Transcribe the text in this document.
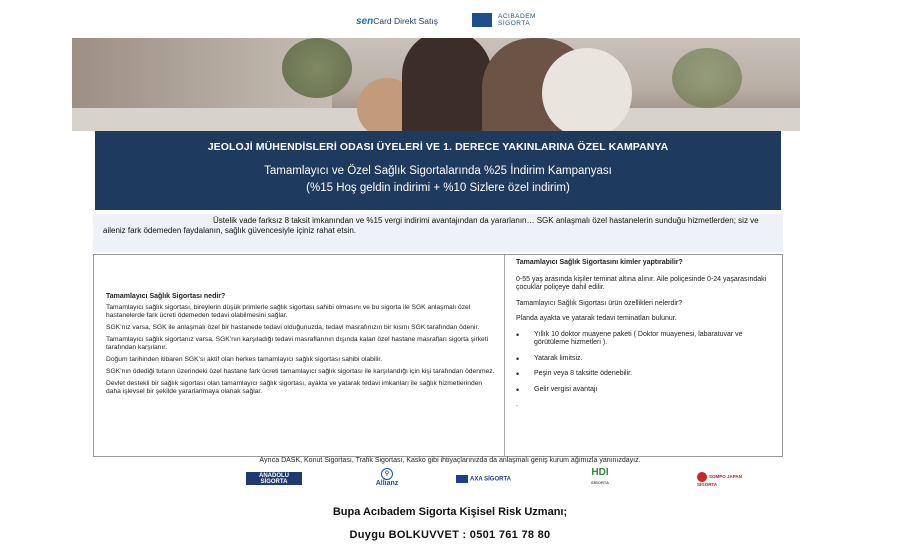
senCard Direkt Satış	ACIBADEM
SİGORTA
JEOLOJİ MÜHENDİSLERİ ODASI ÜYELERİ VE 1. DERECE YAKINLARINA ÖZEL KAMPANYA
Tamamlayıcı ve Özel Sağlık Sigortalarında %25 İndirim Kampanyası
(%15 Hoş geldin indirimi + %10 Sizlere özel indirim)

Üstelik vade farksız 8 taksit imkanından ve %15 vergi indirimi avantajından da yararlanın… SGK anlaşmalı özel hastanelerin sunduğu hizmetlerden; siz ve aileniz fark ödemeden faydalanın, sağlık güvencesiyle içiniz rahat etsin.

Tamamlayıcı Sağlık Sigortası nedir?

Tamamlayıcı sağlık sigortası, bireylerin düşük primlerle sağlık sigortası sahibi olmasını ve bu sigorta ile SGK anlaşmalı özel hastanelerde fark ücreti ödemeden tedavi olabilmesini sağlar.

SGK’nız varsa, SGK ile anlaşmalı özel bir hastanede tedavi olduğunuzda, tedavi masrafınızın bir kısmı SGK tarafından ödenir.

Tamamlayıcı sağlık sigortanız varsa, SGK’nın karşıladığı tedavi masraflarının dışında kalan özel hastane masrafları sigorta şirketi tarafından karşılanır.

Doğum tarihinden itibaren SGK’sı aktif olan herkes tamamlayıcı sağlık sigortası sahibi olabilir.

SGK’nın ödediği tutarın üzerindeki özel hastane fark ücreti tamamlayıcı sağlık sigortası ile karşılandığı için kişi tarafından ödenmez.

Devlet destekli bir sağlık sigortası olan tamamlayıcı sağlık sigortası, ayakta ve yatarak tedavi imkanları ile sağlık hizmetlerinden daha işlevsel bir şekilde yararlanmaya olanak sağlar.

Tamamlayıcı Sağlık Sigortasını kimler yaptırabilir?

0-55 yaş arasında kişiler teminat altına alınır. Aile poliçesinde 0-24 yaşarasındaki çocuklar poliçeye dahil edilir.

Tamamlayıcı Sağlık Sigortası ürün özellikleri nelerdir?

Planda ayakta ve yatarak tedavi teminatları bulunur.

•	Yıllık 10 doktor muayene paketi ( Doktor muayenesi, labaratuvar ve görütüleme hizmetleri ).
•	Yatarak limitsiz.
•	Peşin veya 8 taksitte ödenebilir.
•	Gelir vergisi avantajı

.

Ayrıca DASK, Konut Sigortası, Trafik Sigortası, Kasko gibi ihtiyaçlarınızda da anlaşmalı geniş kurum ağımızla yanınızdayız.
ANADOLU SİGORTA
⚲
Allianz
AXA SİGORTA
HDI
SİGORTA
SOMPO JAPAN SİGORTA
Bupa Acıbadem Sigorta Kişisel Risk Uzmanı;
Duygu BOLKUVVET : 0501 761 78 80
